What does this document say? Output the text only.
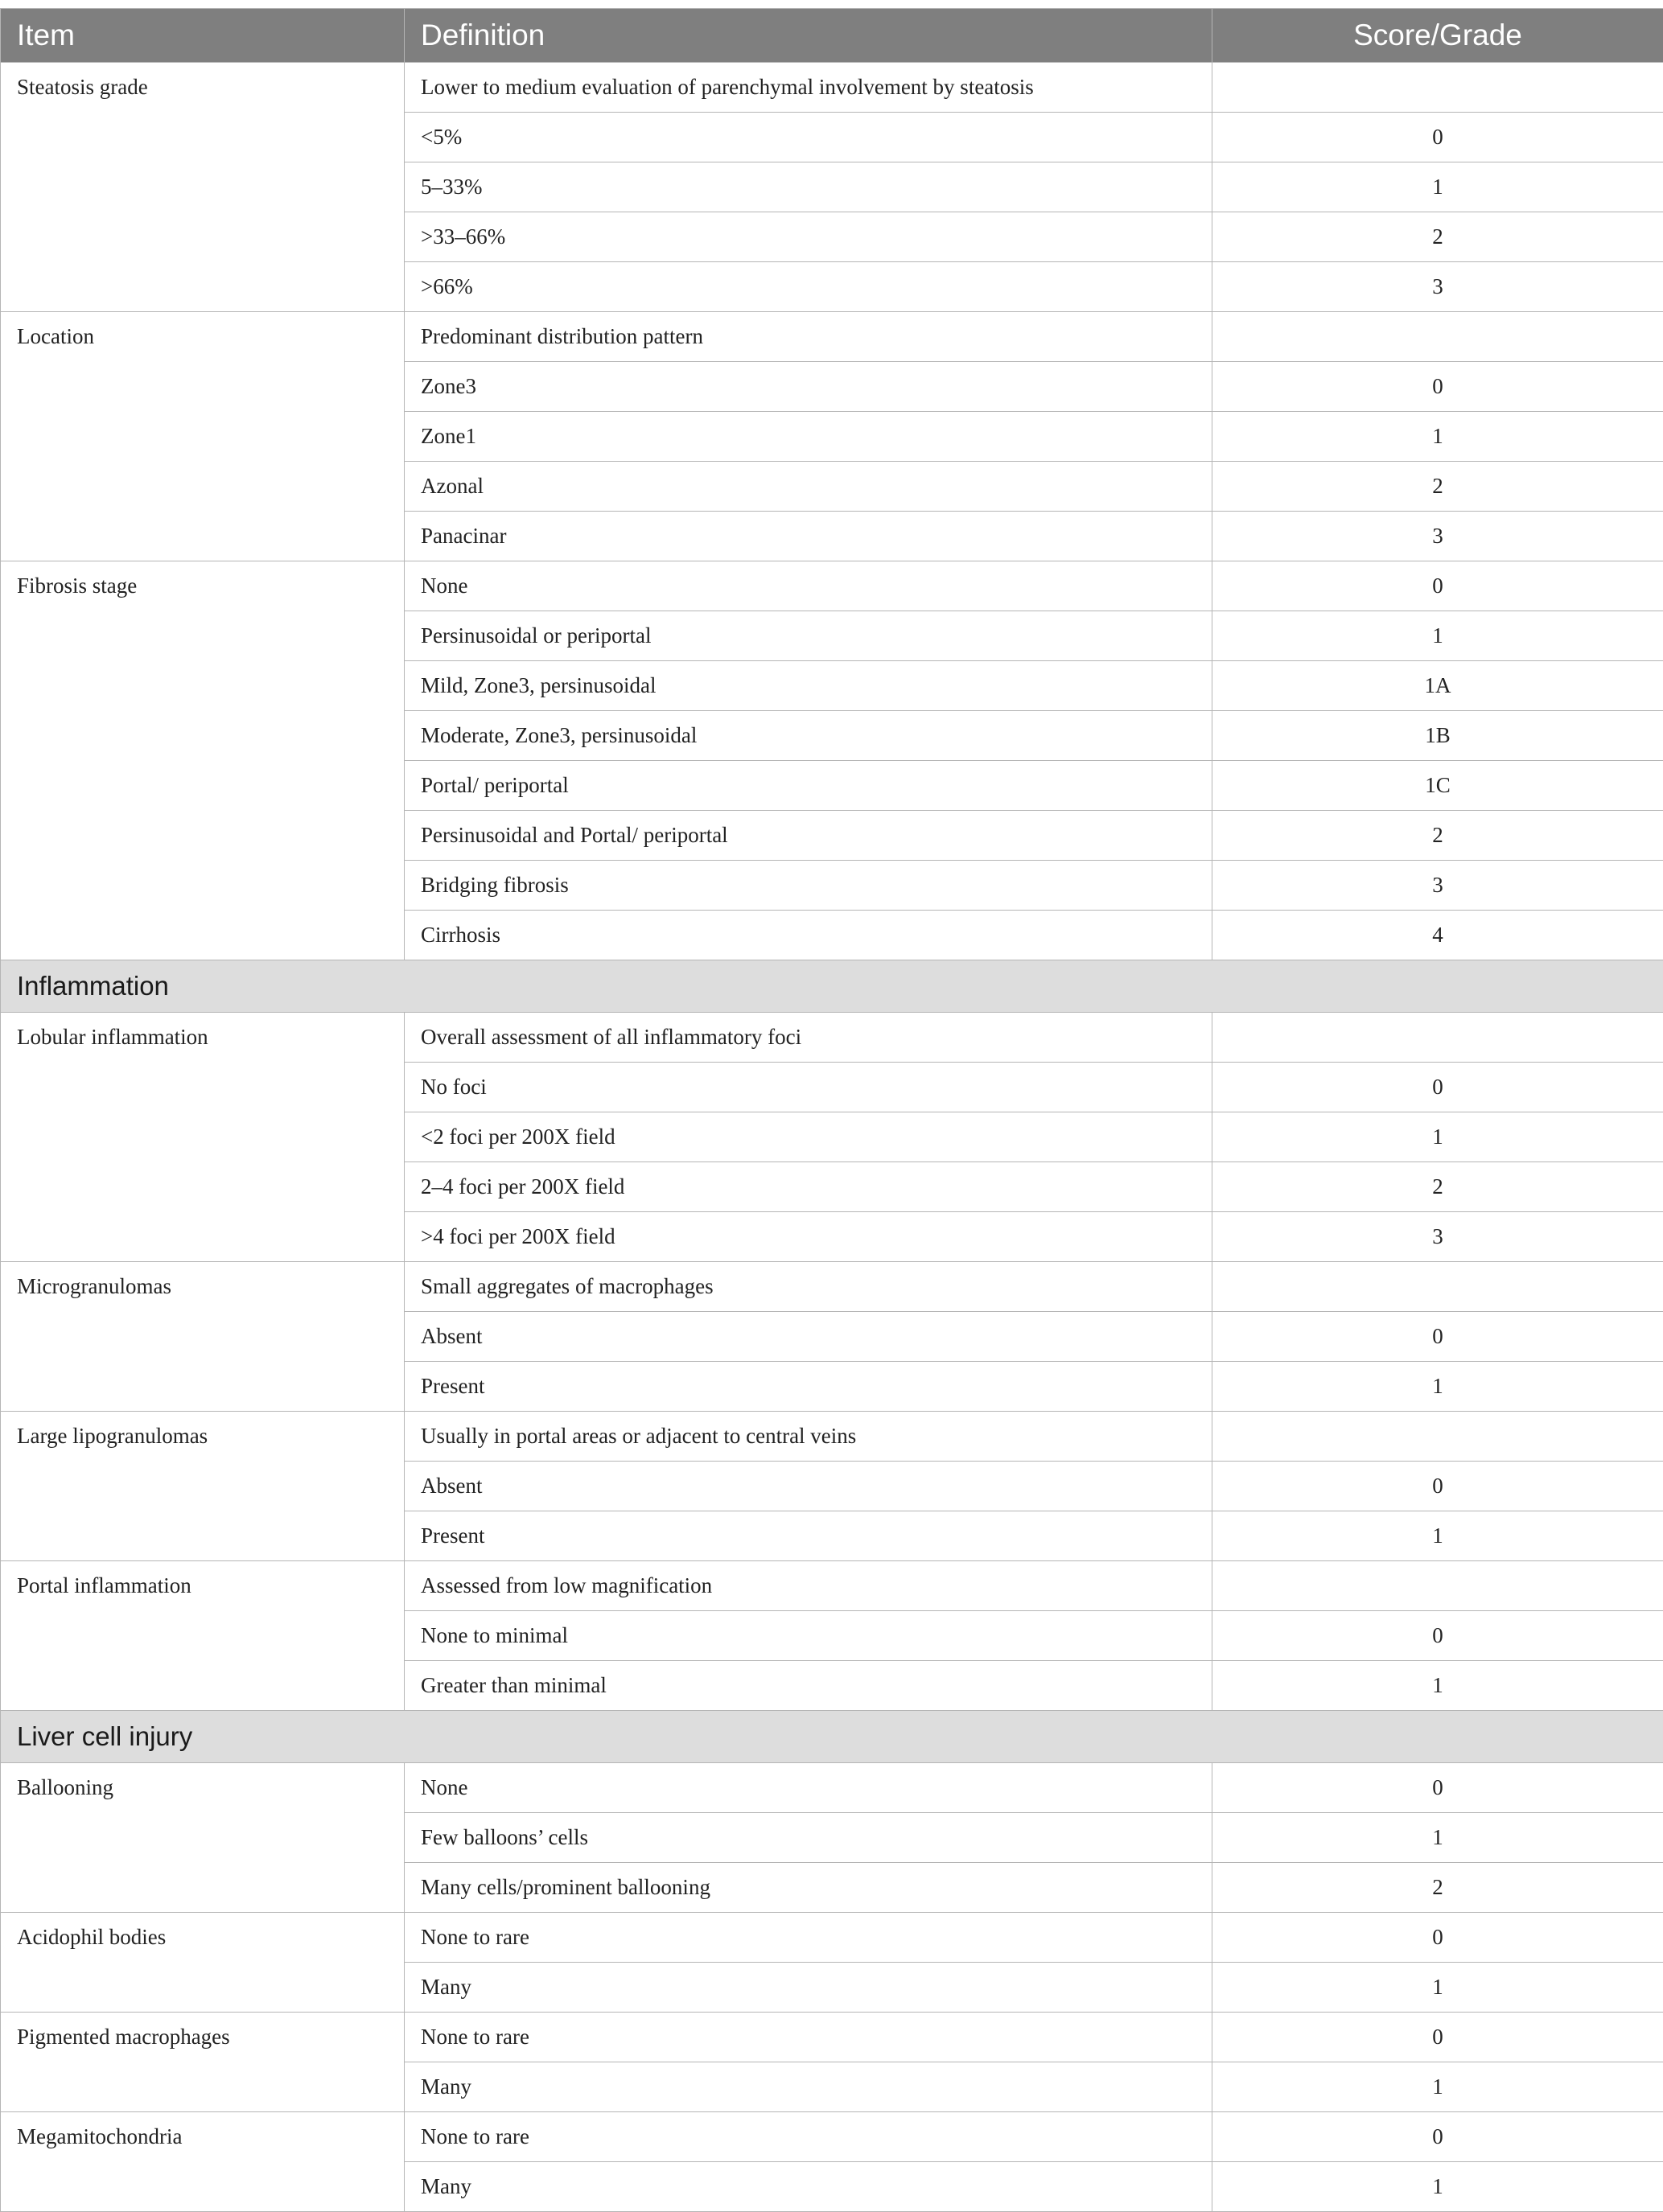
Item	Definition	Score/Grade
Steatosis grade	Lower to medium evaluation of parenchymal involvement by steatosis	
	<5%	0
	5–33%	1
	>33–66%	2
	>66%	3
Location	Predominant distribution pattern	
	Zone3	0
	Zone1	1
	Azonal	2
	Panacinar	3
Fibrosis stage	None	0
	Persinusoidal or periportal	1
	Mild, Zone3, persinusoidal	1A
	Moderate, Zone3, persinusoidal	1B
	Portal/ periportal	1C
	Persinusoidal and Portal/ periportal	2
	Bridging fibrosis	3
	Cirrhosis	4
Inflammation		
Lobular inflammation	Overall assessment of all inflammatory foci	
	No foci	0
	<2 foci per 200X field	1
	2–4 foci per 200X field	2
	>4 foci per 200X field	3
Microgranulomas	Small aggregates of macrophages	
	Absent	0
	Present	1
Large lipogranulomas	Usually in portal areas or adjacent to central veins	
	Absent	0
	Present	1
Portal inflammation	Assessed from low magnification	
	None to minimal	0
	Greater than minimal	1
Liver cell injury		
Ballooning	None	0
	Few balloons’ cells	1
	Many cells/prominent ballooning	2
Acidophil bodies	None to rare	0
	Many	1
Pigmented macrophages	None to rare	0
	Many	1
Megamitochondria	None to rare	0
	Many	1
